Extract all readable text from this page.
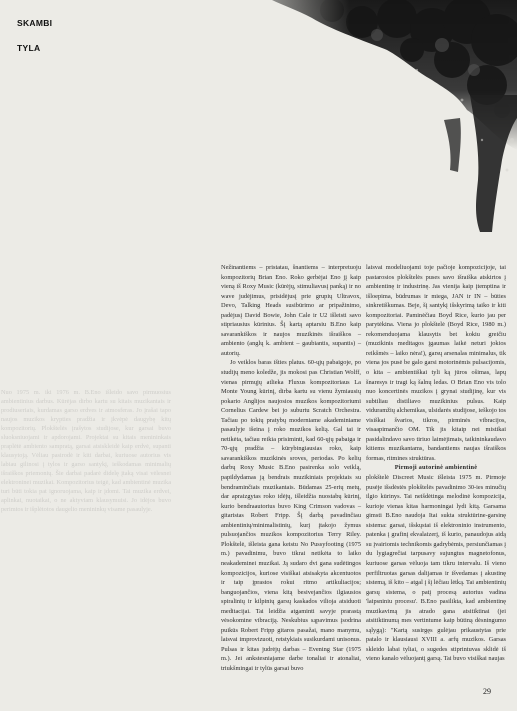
SKAMBI
TYLA
Nuo 1975 m. iki 1976 m. B.Eno išleido savo pirmuosius ambientinius darbus. Kūrėjas dirbo kartu su kitais muzikantais ir prodiuseriais, kurdamas garso erdves ir atmosferas. Jo įrašai tapo naujos muzikos krypties pradžia ir įkvėpė daugybę kitų kompozitorių. Plokštelės įrašytos studijose, kur garsai buvo sluoksniuojami ir apdorojami. Projektai su kitais menininkais praplėtė ambiento sampratą, garsai atsiskleidė kaip erdvė, supanti klausytoją. Vėliau pasirodė ir kiti darbai, kuriuose autorius vis labiau gilinosi į tylos ir garso santykį, ieškodamas minimalių išraiškos priemonių. Šie darbai padarė didelę įtaką visai vėlesnei elektroninei muzikai. Kompozitorius teigė, kad ambientinė muzika turi būti tokia pat ignoruojama, kaip ir įdomi. Tai muzika erdvei, aplinkai, nuotaikai, o ne aktyviam klausymuisi. Jo idėjos buvo perimtos ir išplėtotos daugelio menininkų visame pasaulyje.

Nežinantiems – pristatau, šnantiems – interpretuoju kompozitorių Brian Eno. Roko gerbėjai Eno jį kaip vieną iš Roxy Music (kūrėjų, stimuliavusį panką) ir no wave judėjimus, prisidėjusį prie grupių Ultravox, Devo, Talking Heads susibūrimo ar pripažinimo, padėjusį David Bowie, John Cale ir U2 išleisti savo stipriausius kūrinius. Šį kartą aptarsiu B.Eno kaip savarankiškos ir naujos muzikinės išraiškos – ambiento (anglų k. ambient – gaubiantis, supantis) – autorių.

Jo veiklos baras išties platus. 60-ųjų pabaigoje, po studijų meno koledže, jis mokosi pas Christian Wolff, vienas pirmųjų atlieka Fluxus kompozitoriaus La Monte Young kūrinį, dirba kartu su vienu žymiausių pokario Anglijos naujosios muzikos kompozitoriumi Cornelius Cardew bei jo suburtu Scratch Orchestra. Tačiau po tokių pratybų moderniame akademiniame pasaulyje išeina į roko muzikos kelią. Gal tai ir netikėta, tačiau reikia prisiminti, kad 60-ųjų pabaiga ir 70-ųjų pradžia – kūrybingiausias roko, kaip savarankiškos muzikinės sroves, periodas. Po kelių darbų Roxy Music B.Eno pasirenka solo veiklą, papildydamas ją bendrais muzikiniais projektais su bendraminčiais muzikantais. Būdamas 25-erių metų, dar apraizgytas roko idėjų, išleidžia nuostabų kūrinį, kurio bendraautorius buvo King Crimson vadovas – gitaristas Robert Fripp. Šį darbą pavadinčiau ambientinių/minimalistinių, kurį įtakojo žymus pulsuojančios muzikos kompozitorius Terry Riley. Plokštelė, išleista gana keistu No Pussyfooting (1975 m.) pavadinimu, buvo tikrai netikėta to laiko neakademinei muzikai. Ją sudaro dvi gana sudėtingos kompozicijos, kuriose visiškai atsisakyta akcentuotos ir taip įprastos rokui ritmo artikuliacijos; banguojančios, viena kitą besivejančios ilgiausios spiralinių ir kilpinių garsų kaskados vilioja atsiduoti meditacijai. Tai leidžia atgaminti savyje prarastą vėsokomine vibraciją. Neskubius sąpavimus įsodrina puikūs Robert Fripp gitaros pasažai, mano manymu, laisvai improvizuoti, retstykiais susikurdami unisonus. Pulsas ir kitas judrėjų darbas – Evening Star (1975 m.). Jei ankstesniajame darbe tonaliai ir atonaliai, triukšmingai ir tylūs garsai buvo

laisvai modeliuojami toje pačioje kompozicijoje, tai pastarosios plokštelės puses savo išraiška atskirtos į ambientinę ir industrinę. Jas vienija kaip įtemptina ir išloepima, būdrumas ir miega, JAN ir IN – būties sinkretiškumas. Beje, šį santykį išskyrimą taiko ir kiti kompozitoriai. Paminėčiau Boyd Rice, kurio jau per parytėkina. Viena jo plokštelė (Boyd Rice, 1980 m.) rekomenduojama klausytis bet kokiu greičiu (muzikinis meditagos įgaumas laikė neturi jokios reikšmės – laiko nėra!), garsų arsenalas minimalus, tik viena jos pusė be galo garsi motorinėmis pulsacijomis, o kita – ambientiškai tyli ką jūros ošimas, lapų šnaresys ir tragi ką šalnų ledas. O Brian Eno vis tolo nuo koncertinės muzikos į grynai studijinę, kur vis subtiliau distiliavo muzikinius pulsus. Kaip viduramžių alchemikas, ulsidarės studijose, ieškojo tos visiškai švarios, tikros, pirminės vibracijos, visaapimančio OM. Tik jis kitaip nei mistikai pasidalindavo savo tiriuo laimėjimais, taikininkaudavo kitiems muzikantams, bandantiems naujas išraiškos formas, ritmines struktūras.

Pirmoji autorinė ambientinė

plokštelė Discreet Music išleista 1975 m. Pirmoje pusėje išsdėstės plokštelės pavadinimo 30-ies minučių ilgio kūrinys. Tai neišdėtinga melodinė kompozicija, kurioje vienas kitas harmoningai lydi kitą. Garsama gimsti B.Eno naudoja Itai sukta struktūrine-garsinę sistema: garsai, išskųstai iš elektroninio instrumento, patenka į grafinį ekvalaizerį, iš kurio, panaudojus aidą su įvairiomis technikomis gadrybėmis, persiunčiamas į du lygiagrečiai tarpusavy sujungtus magnetofonus, kuriuose garsas vėluoja tam tikru intervalu. Iš vieno perfiltruotas garsas dalijamas ir išvedamas į akustinę sistemą, iš kito – atgal į šį lėčiau lėtką. Tai ambientinių garsų sistema, o patį procesą autorius vadina 'laipsniniu procesu'. B.Eno pasilikta, kad ambientinę muzikavimą jis atrado gana atsitiktinai (jei atsitiktinumą mes vertintume kaip būtiną dėsningumo sąlygą): "Kartą susirgęs gulėjau prikaustytas prie patalo ir klausiausi XVIII a. arfų muzikos. Garsas skleido labai tyliai, o sugedes stiprintuvas sklidė iš vieno kanalo vėluojantį garsą. Tai buvo visiškai naujas

29
